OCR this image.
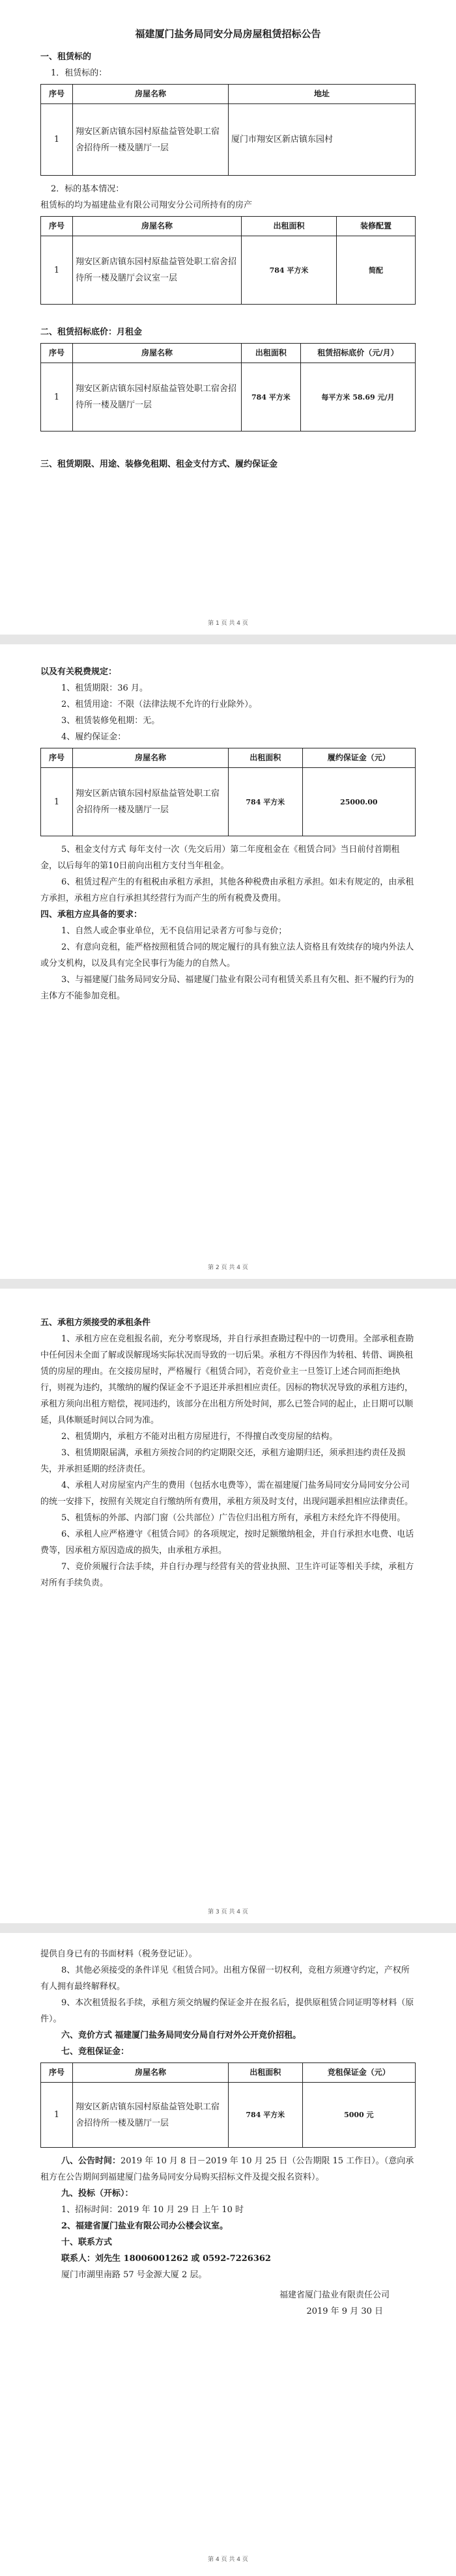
福建厦门盐务局同安分局房屋租赁招标公告
一、租赁标的
1．租赁标的：
序号	房屋名称	地址
1	翔安区新店镇东园村原盐益管处职工宿舍招待所一楼及膳厅一层	厦门市翔安区新店镇东园村
2．标的基本情况：
租赁标的均为福建盐业有限公司翔安分公司所持有的房产
序号	房屋名称	出租面积	装修配置
1	翔安区新店镇东园村原盐益管处职工宿舍招待所一楼及膳厅会议室一层	784 平方米	简配
二、租赁招标底价：月租金
序号	房屋名称	出租面积	租赁招标底价（元/月）
1	翔安区新店镇东园村原盐益管处职工宿舍招待所一楼及膳厅一层	784 平方米	每平方米 58.69 元/月
三、租赁期限、用途、装修免租期、租金支付方式、履约保证金
第 1 页 共 4 页
以及有关税费规定：
1、租赁期限：36 月。
2、租赁用途：不限（法律法规不允许的行业除外）。
3、租赁装修免租期：无。
4、履约保证金：
序号	房屋名称	出租面积	履约保证金（元）
1	翔安区新店镇东园村原盐益管处职工宿舍招待所一楼及膳厅一层	784 平方米	25000.00
5、租金支付方式 每年支付一次（先交后用）第二年度租金在《租赁合同》当日前付首期租金，以后每年的第10日前向出租方支付当年租金。
6、租赁过程产生的有租税由承租方承担，其他各种税费由承租方承担。如未有规定的，由承租方承担，承租方应自行承担其经营行为而产生的所有税费及费用。
四、承租方应具备的要求：
1、自然人或企事业单位，无不良信用记录者方可参与竞价；
2、有意向竞租，能严格按照租赁合同的规定履行的具有独立法人资格且有效续存的境内外法人或分支机构，以及具有完全民事行为能力的自然人。
3、与福建厦门盐务局同安分局、福建厦门盐业有限公司有租赁关系且有欠租、拒不履约行为的主体方不能参加竞租。
第 2 页 共 4 页
五、承租方须接受的承租条件
1、承租方应在竞租报名前，充分考察现场，并自行承担查勘过程中的一切费用。全部承租查勘中任何因未全面了解或误解现场实际状况而导致的一切后果。承租方不得因作为转租、转借、调换租赁的房屋的理由。在交接房屋时，严格履行《租赁合同》，若竞价业主一旦签订上述合同而拒绝执行，则视为违约，其缴纳的履约保证金不予退还并承担相应责任。因标的物状况导致的承租方违约，承租方须向出租方赔偿，视同违约，该部分在出租方所处时间，那么已签合同的起止，止日期可以顺延，具体顺延时间以合同为准。
2、租赁期内，承租方不能对出租方房屋进行，不得擅自改变房屋的结构。
3、租赁期限届满，承租方须按合同的约定期限交还，承租方逾期归还，须承担违约责任及损失，并承担延期的经济责任。
4、承租人对房屋室内产生的费用（包括水电费等），需在福建厦门盐务局同安分局同安分公司的统一安排下，按照有关规定自行缴纳所有费用，承租方须及时支付，出现问题承担相应法律责任。
5、租赁标的外部、内部门窗（公共部位）广告位归出租方所有，承租方未经允许不得使用。
6、承租人应严格遵守《租赁合同》的各项规定，按时足额缴纳租金，并自行承担水电费、电话费等，因承租方原因造成的损失，由承租方承担。
7、竞价须履行合法手续，并自行办理与经营有关的营业执照、卫生许可证等相关手续，承租方对所有手续负责。
第 3 页 共 4 页
提供自身已有的书面材料（税务登记证）。
8、其他必须接受的条件详见《租赁合同》。出租方保留一切权利，竞租方须遵守约定，产权所有人拥有最终解释权。
9、本次租赁报名手续，承租方须交纳履约保证金并在报名后，提供原租赁合同证明等材料（原件）。
六、竞价方式 福建厦门盐务局同安分局自行对外公开竞价招租。
七、竞租保证金：
序号	房屋名称	出租面积	竞租保证金（元）
1	翔安区新店镇东园村原盐益管处职工宿舍招待所一楼及膳厅一层	784 平方米	5000 元
八、公告时间：2019 年 10 月 8 日－2019 年 10 月 25 日（公告期限 15 工作日）。（意向承租方在公告期间到福建厦门盐务局同安分局购买招标文件及提交报名资料）。
九、投标（开标）：
1、招标时间：2019 年 10 月 29 日 上午 10 时
2、福建省厦门盐业有限公司办公楼会议室。
十、联系方式
联系人：刘先生 18006001262 或 0592-7226362
厦门市湖里南路 57 号金源大厦 2 层。
福建省厦门盐业有限责任公司
2019 年 9 月 30 日
第 4 页 共 4 页
